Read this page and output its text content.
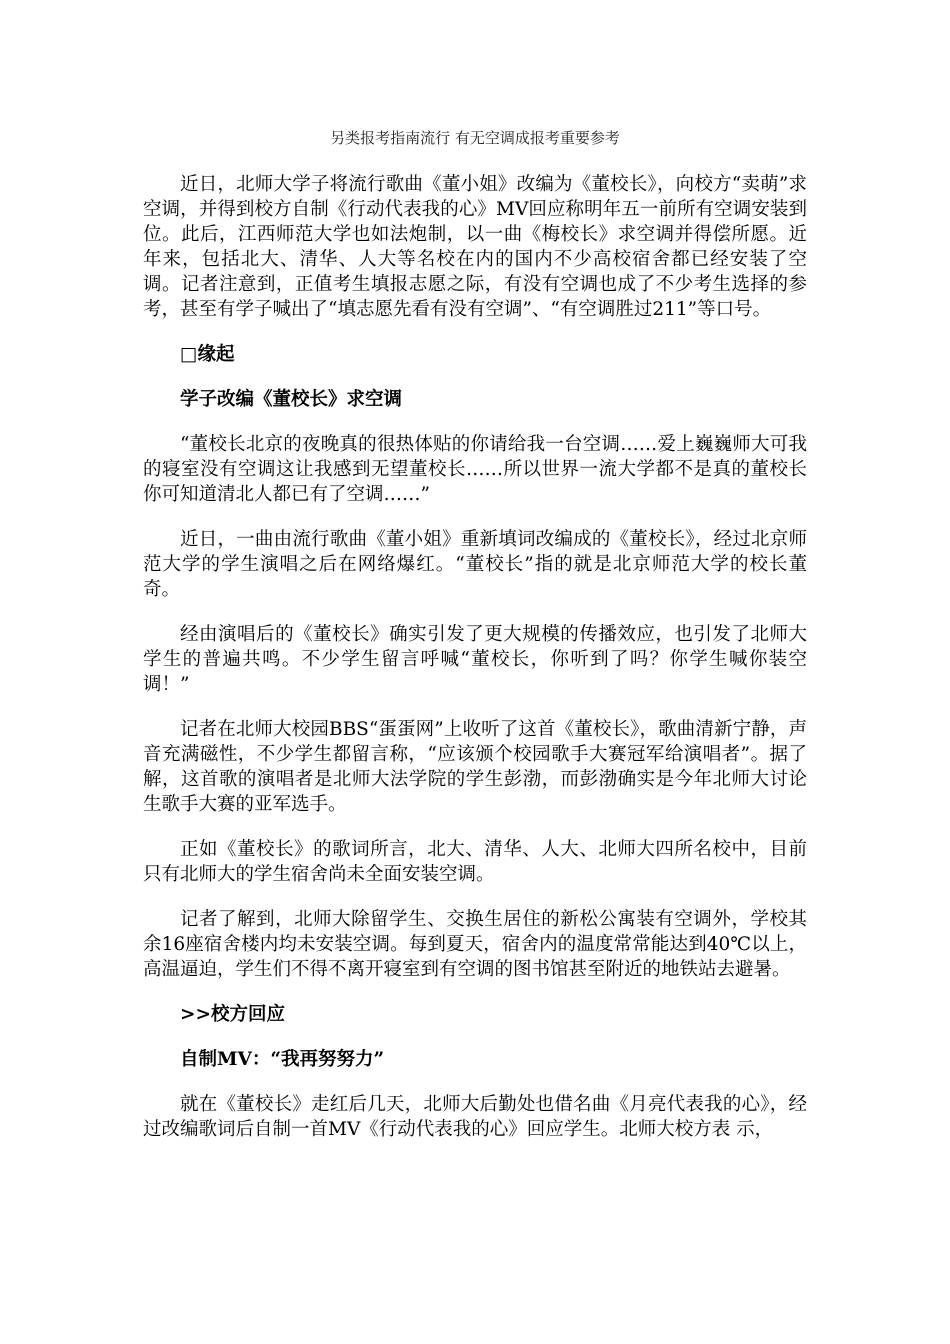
另类报考指南流行 有无空调成报考重要参考

近日，北师大学子将流行歌曲《董小姐》改编为《董校长》，向校方“卖萌”求空调，并得到校方自制《行动代表我的心》MV回应称明年五一前所有空调安装到位。此后，江西师范大学也如法炮制，以一曲《梅校长》求空调并得偿所愿。近年来，包括北大、清华、人大等名校在内的国内不少高校宿舍都已经安装了空调。记者注意到，正值考生填报志愿之际，有没有空调也成了不少考生选择的参考，甚至有学子喊出了“填志愿先看有没有空调”、“有空调胜过211”等口号。

□缘起

学子改编《董校长》求空调

“董校长北京的夜晚真的很热体贴的你请给我一台空调……爱上巍巍师大可我的寝室没有空调这让我感到无望董校长……所以世界一流大学都不是真的董校长你可知道清北人都已有了空调……”

近日，一曲由流行歌曲《董小姐》重新填词改编成的《董校长》，经过北京师范大学的学生演唱之后在网络爆红。“董校长”指的就是北京师范大学的校长董奇。

经由演唱后的《董校长》确实引发了更大规模的传播效应，也引发了北师大学生的普遍共鸣。不少学生留言呼喊“董校长，你听到了吗？你学生喊你装空调！”

记者在北师大校园BBS“蛋蛋网”上收听了这首《董校长》，歌曲清新宁静，声音充满磁性，不少学生都留言称，“应该颁个校园歌手大赛冠军给演唱者”。据了解，这首歌的演唱者是北师大法学院的学生彭渤，而彭渤确实是今年北师大讨论生歌手大赛的亚军选手。

正如《董校长》的歌词所言，北大、清华、人大、北师大四所名校中，目前只有北师大的学生宿舍尚未全面安装空调。

记者了解到，北师大除留学生、交换生居住的新松公寓装有空调外，学校其余16座宿舍楼内均未安装空调。每到夏天，宿舍内的温度常常能达到40℃以上，高温逼迫，学生们不得不离开寝室到有空调的图书馆甚至附近的地铁站去避暑。

>>校方回应

自制MV：“我再努努力”

就在《董校长》走红后几天，北师大后勤处也借名曲《月亮代表我的心》，经过改编歌词后自制一首MV《行动代表我的心》回应学生。北师大校方表 示，
